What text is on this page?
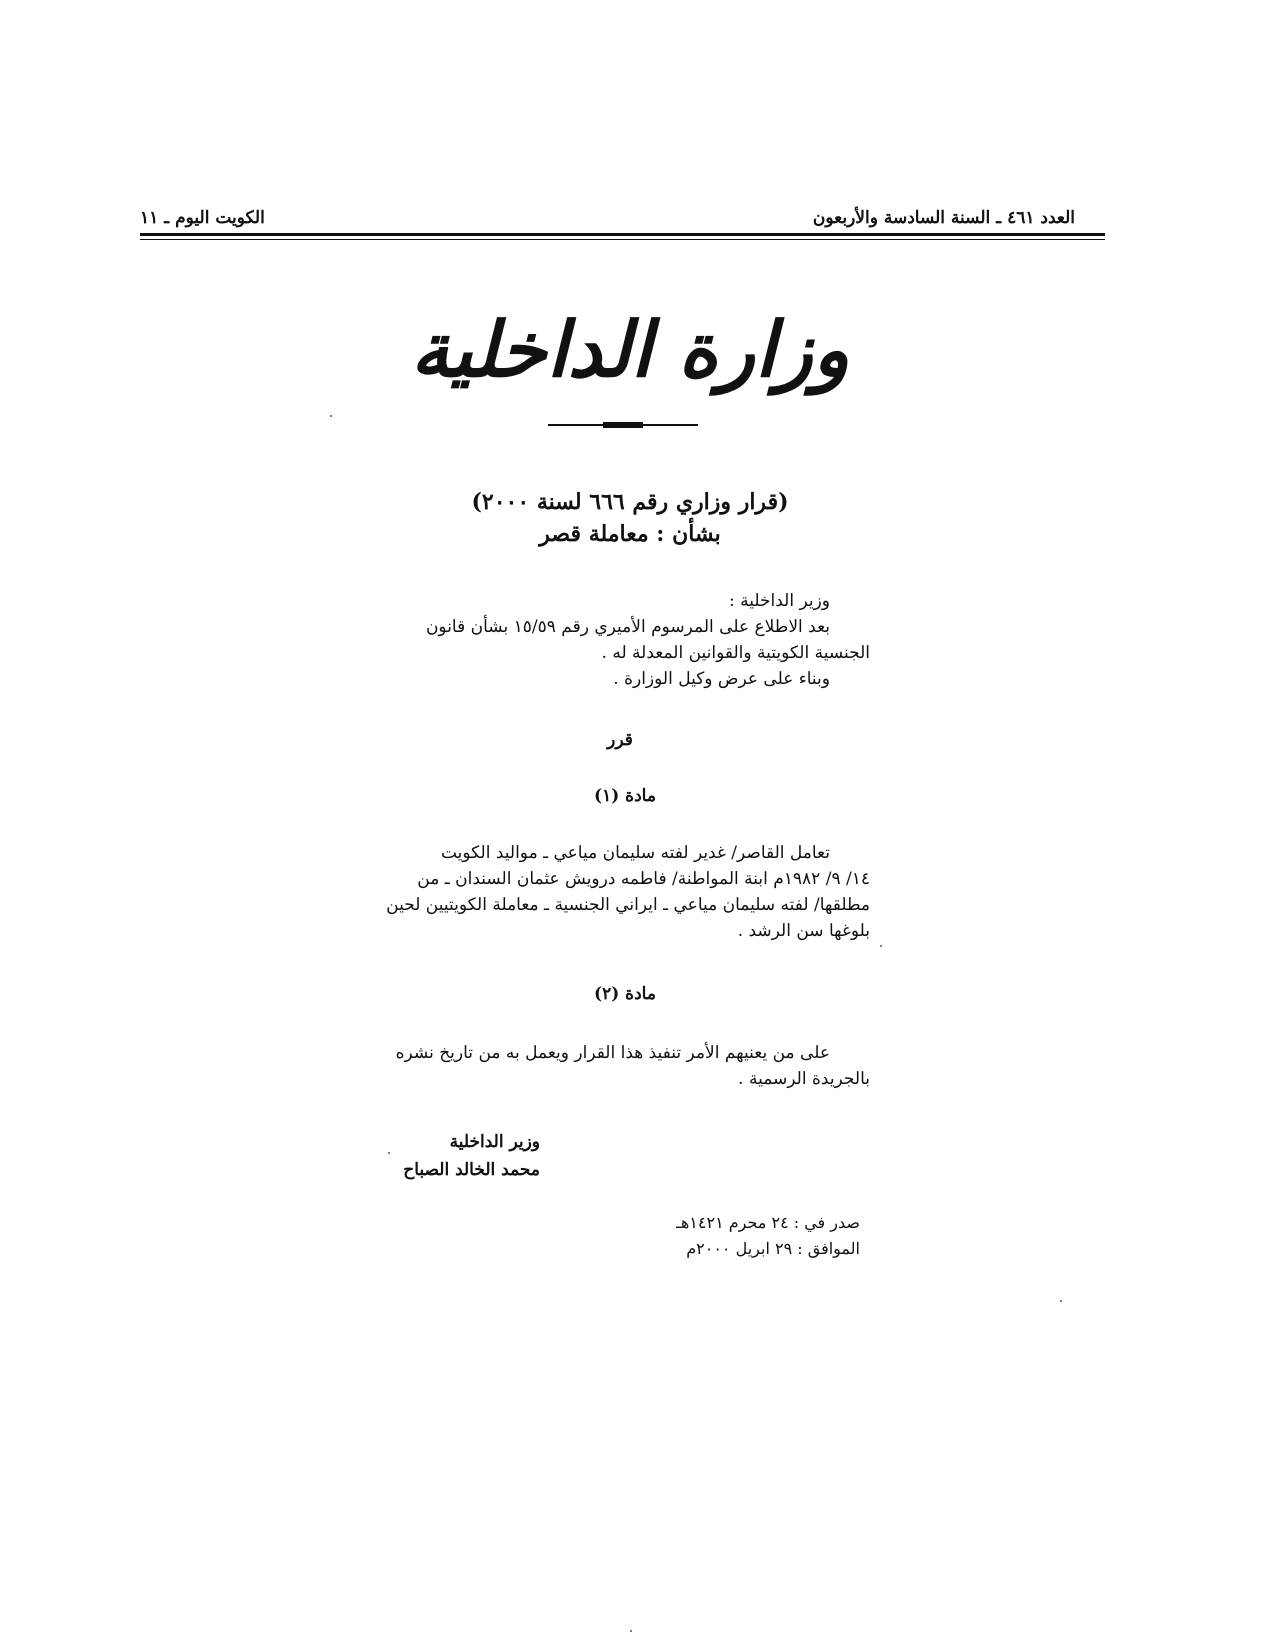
الكويت اليوم ـ ١١	العدد ٤٦١ ـ السنة السادسة والأربعون
وزارة الداخلية
(قرار وزاري رقم ٦٦٦ لسنة ٢٠٠٠)
بشأن : معاملة قصر
وزير الداخلية :
بعد الاطلاع على المرسوم الأميري رقم ١٥/٥٩ بشأن قانون
الجنسية الكويتية والقوانين المعدلة له .
وبناء على عرض وكيل الوزارة .
قرر
مادة (١)
تعامل القاصر/ غدير لفته سليمان مياعي ـ مواليد الكويت
١٤/ ٩/ ١٩٨٢م ابنة المواطنة/ فاطمه درويش عثمان السندان ـ من
مطلقها/ لفته سليمان مياعي ـ ايراني الجنسية ـ معاملة الكويتيين لحين
بلوغها سن الرشد .
مادة (٢)
على من يعنيهم الأمر تنفيذ هذا القرار ويعمل به من تاريخ نشره
بالجريدة الرسمية .
وزير الداخلية
محمد الخالد الصباح
صدر في : ٢٤ محرم ١٤٢١هـ
الموافق : ٢٩ ابريل ٢٠٠٠م
